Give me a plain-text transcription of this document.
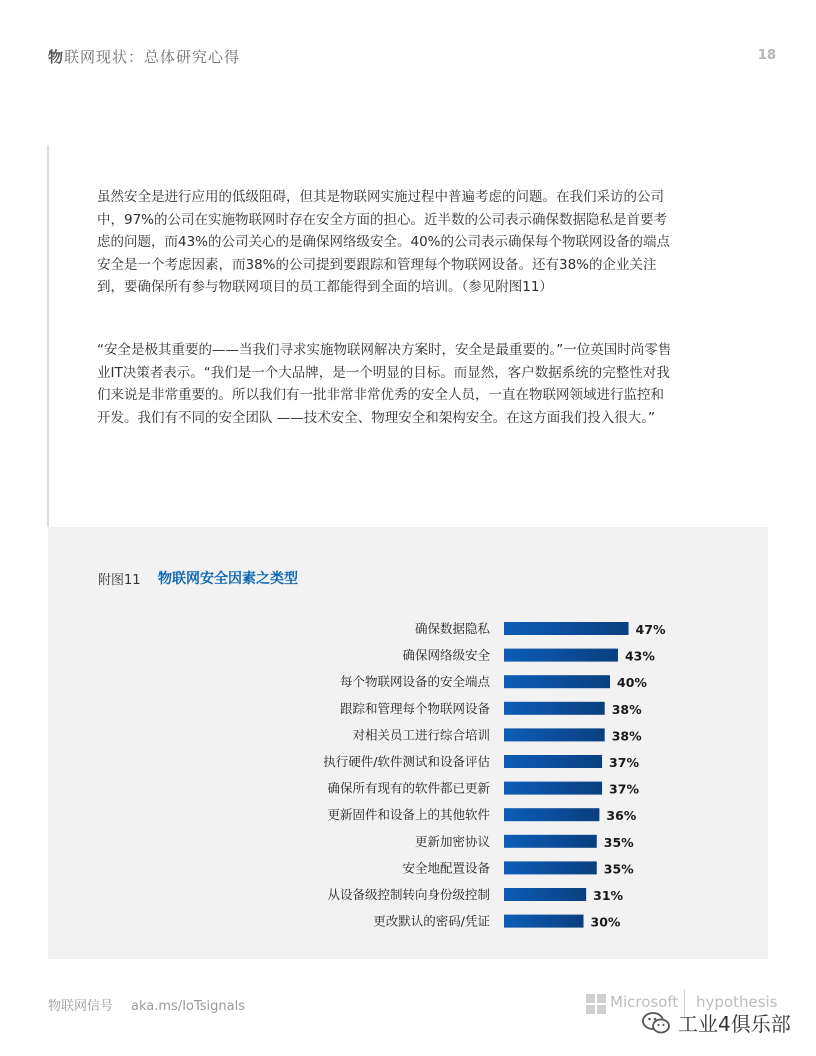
物联网现状：总体研究心得	18

虽然安全是进行应用的低级阻碍，但其是物联网实施过程中普遍考虑的问题。在我们采访的公司中，97%的公司在实施物联网时存在安全方面的担心。近半数的公司表示确保数据隐私是首要考虑的问题，而43%的公司关心的是确保网络级安全。40%的公司表示确保每个物联网设备的端点安全是一个考虑因素，而38%的公司提到要跟踪和管理每个物联网设备。还有38%的企业关注到，要确保所有参与物联网项目的员工都能得到全面的培训。（参见附图11）

“安全是极其重要的——当我们寻求实施物联网解决方案时，安全是最重要的。”一位英国时尚零售业IT决策者表示。“我们是一个大品牌，是一个明显的目标。而显然，客户数据系统的完整性对我们来说是非常重要的。所以我们有一批非常非常优秀的安全人员，一直在物联网领域进行监控和开发。我们有不同的安全团队 ——技术安全、物理安全和架构安全。在这方面我们投入很大。”

附图11 物联网安全因素之类型
确保数据隐私	47%
确保网络级安全	43%
每个物联网设备的安全端点	40%
跟踪和管理每个物联网设备	38%
对相关员工进行综合培训	38%
执行硬件/软件测试和设备评估	37%
确保所有现有的软件都已更新	37%
更新固件和设备上的其他软件	36%
更新加密协议	35%
安全地配置设备	35%
从设备级控制转向身份级控制	31%
更改默认的密码/凭证	30%
物联网信号 aka.ms/IoTsignals	Microsoft hypothesis
工业4俱乐部
